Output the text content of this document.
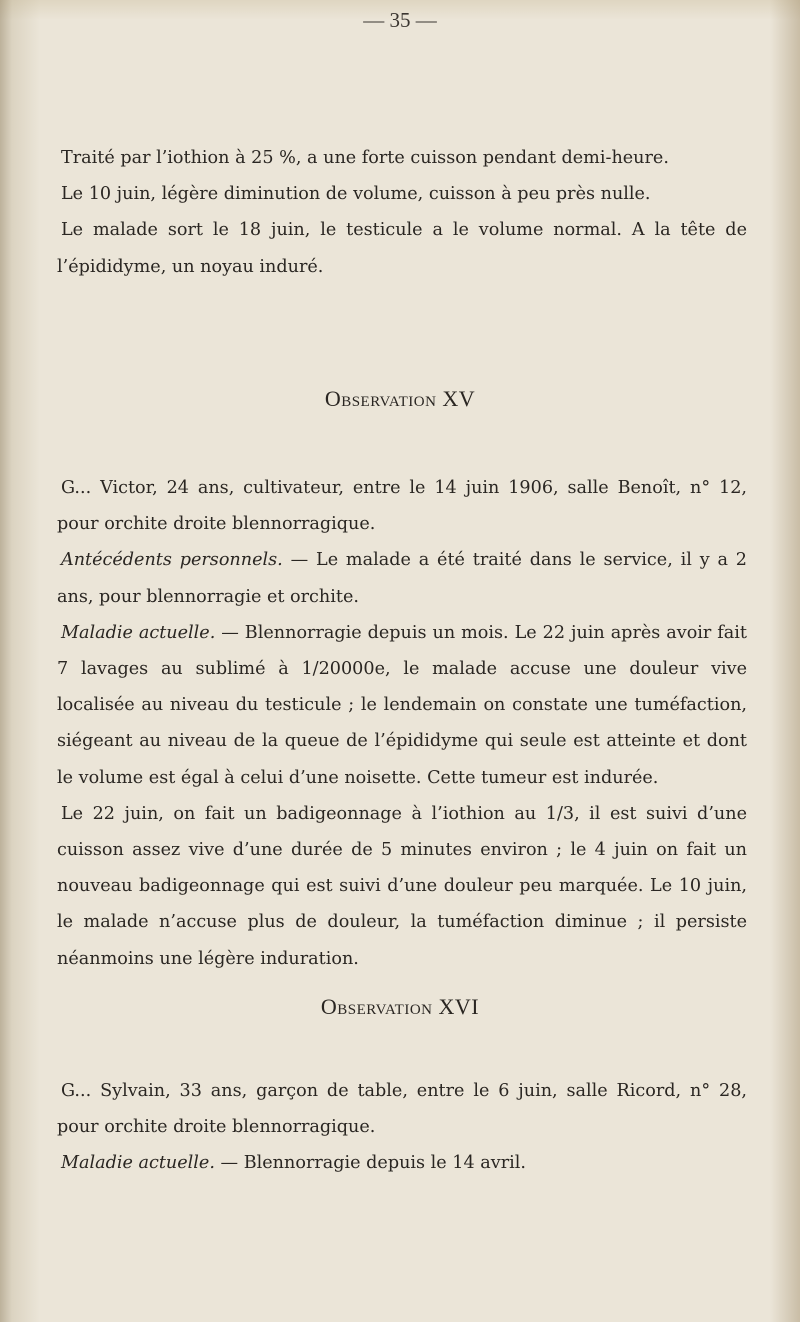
— 35 —

Traité par l’iothion à 25 %, a une forte cuisson pendant demi-heure.

Le 10 juin, légère diminution de volume, cuisson à peu près nulle.

Le malade sort le 18 juin, le testicule a le volume normal. A la tête de l’épididyme, un noyau induré.

Observation XV

G... Victor, 24 ans, cultivateur, entre le 14 juin 1906, salle Benoît, n° 12, pour orchite droite blennorragique.

Antécédents personnels. — Le malade a été traité dans le service, il y a 2 ans, pour blennorragie et orchite.

Maladie actuelle. — Blennorragie depuis un mois. Le 22 juin après avoir fait 7 lavages au sublimé à 1/20000e, le malade accuse une douleur vive localisée au niveau du testicule ; le lendemain on constate une tuméfaction, siégeant au niveau de la queue de l’épididyme qui seule est atteinte et dont le volume est égal à celui d’une noisette. Cette tumeur est indurée.

Le 22 juin, on fait un badigeonnage à l’iothion au 1/3, il est suivi d’une cuisson assez vive d’une durée de 5 minutes environ ; le 4 juin on fait un nouveau badigeonnage qui est suivi d’une douleur peu marquée. Le 10 juin, le malade n’accuse plus de douleur, la tuméfaction diminue ; il persiste néanmoins une légère induration.

Observation XVI

G... Sylvain, 33 ans, garçon de table, entre le 6 juin, salle Ricord, n° 28, pour orchite droite blennorragique.

Maladie actuelle. — Blennorragie depuis le 14 avril.
